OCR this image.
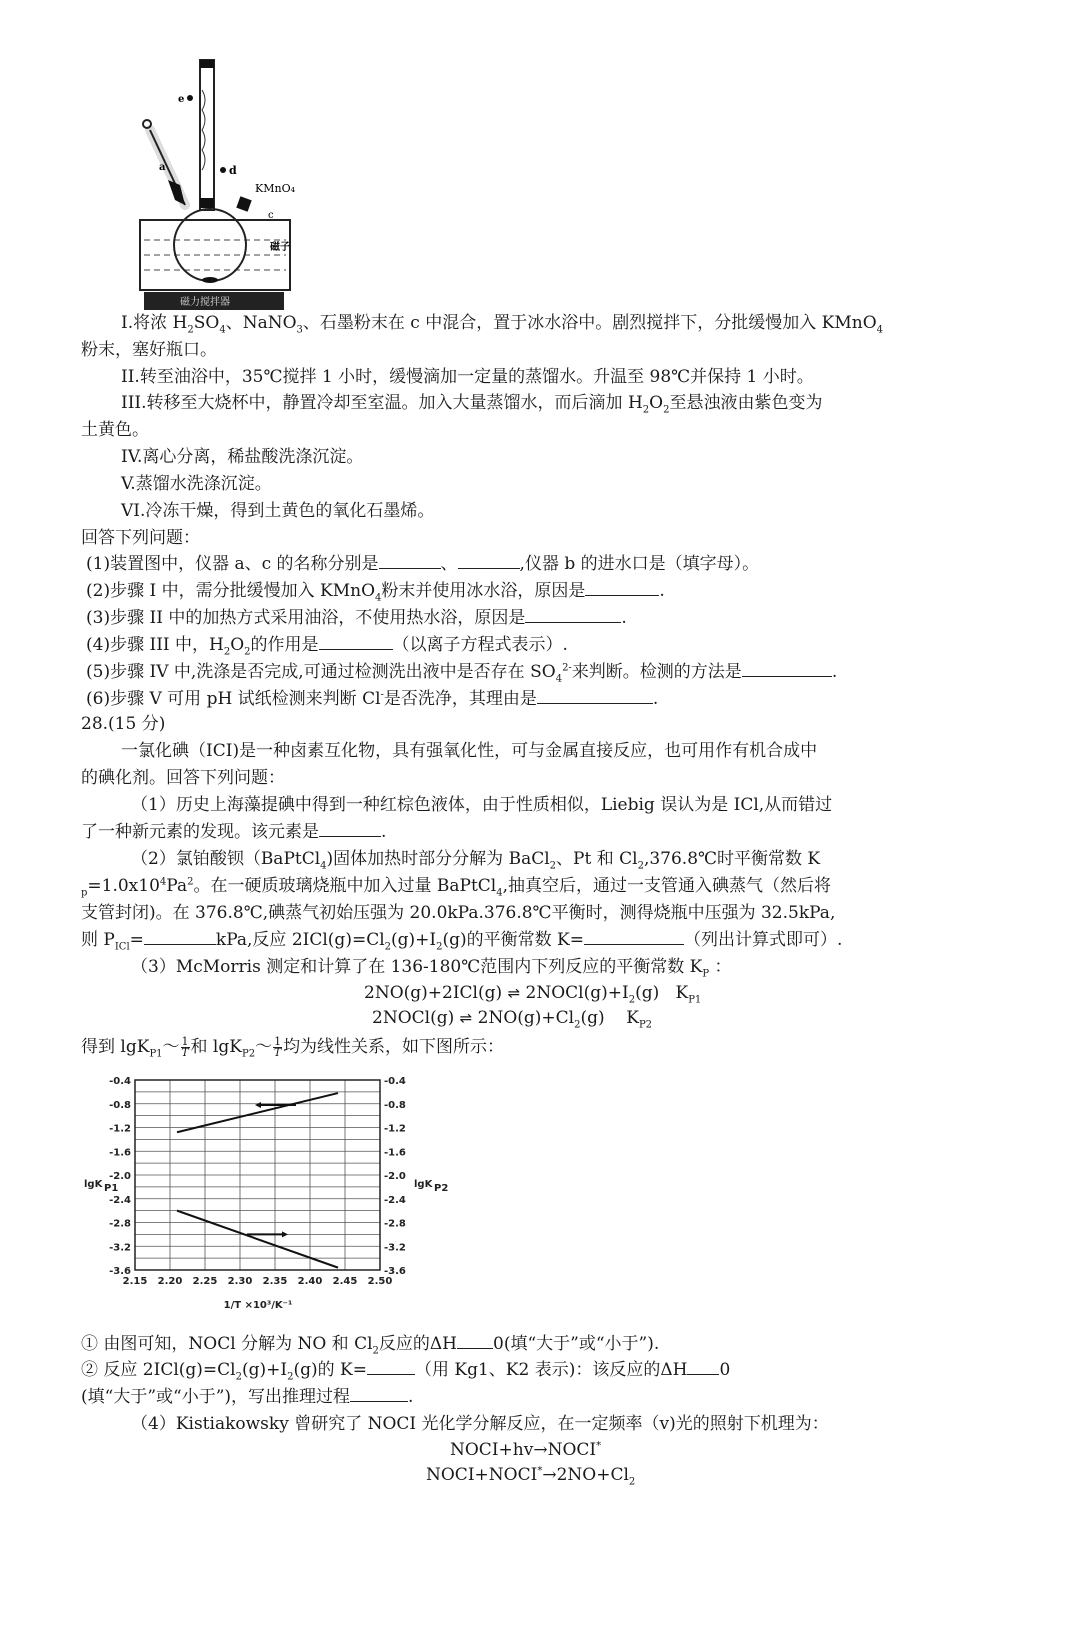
e
d
a
KMnO₄
c
磁子
磁力搅拌器
I.将浓 $H_2SO_4$、NaNO$_3$、石墨粉末在 c 中混合，置于冰水浴中。剧烈搅拌下，分批缓慢加入 KMnO$_4$
粉末，塞好瓶口。
II.转至油浴中，35℃搅拌 1 小时，缓慢滴加一定量的蒸馏水。升温至 98℃并保持 1 小时。
III.转移至大烧杯中，静置冷却至室温。加入大量蒸馏水，而后滴加 $H_2O_2$至悬浊液由紫色变为
土黄色。
IV.离心分离，稀盐酸洗涤沉淀。
V.蒸馏水洗涤沉淀。
VI.冷冻干燥，得到土黄色的氧化石墨烯。
回答下列问题：
(1)装置图中，仪器 a、c 的名称分别是	、	,仪器 b 的进水口是（填字母）。
(2)步骤 I 中，需分批缓慢加入 KMnO$_4$粉末并使用冰水浴，原因是	.
(3)步骤 II 中的加热方式采用油浴，不使用热水浴，原因是	.
(4)步骤 III 中，$H_2O_2$的作用是	（以离子方程式表示）.
(5)步骤 IV 中,洗涤是否完成,可通过检测洗出液中是否存在 $SO_4^{2-}$来判断。检测的方法是	.
(6)步骤 V 可用 pH 试纸检测来判断 Cl-是否洗净，其理由是	.
28.(15 分)
一氯化碘（ICI)是一种卤素互化物，具有强氧化性，可与金属直接反应，也可用作有机合成中
的碘化剂。回答下列问题：
（1）历史上海藻提碘中得到一种红棕色液体，由于性质相似，Liebig 误认为是 ICl,从而错过
了一种新元素的发现。该元素是	.
（2）氯铂酸钡（BaPtCl$_4$)固体加热时部分分解为 BaCl$_2$、Pt 和 $Cl_2,376.8℃$时平衡常数 K
$_p=1.0x10^4Pa^2$。在一硬质玻璃烧瓶中加入过量 BaPtCl$_4$,抽真空后，通过一支管通入碘蒸气（然后将
支管封闭)。在 376.8℃,碘蒸气初始压强为 20.0kPa.376.8℃平衡时，测得烧瓶中压强为 32.5kPa,
则 $P_{ICl}=$	kPa,反应 $2ICl(g)=Cl_2(g)+I_2(g)$的平衡常数 K=	（列出计算式即可）.
（3）McMorris 测定和计算了在 136-180℃范围内下列反应的平衡常数 $K_P$ ：
2NO(g)+2ICl(g) ⇌ $2NOCl(g)+I_2(g)$ $K_{P1}$
2NOCl(g) ⇌ $2NO(g)+Cl_2(g)$ $K_{P2}$
得到 lgK$_{P1}$～ $\frac{1}{T}$ 和 lgK$_{P2}$～ $\frac{1}{T}$ 均为线性关系，如下图所示：
2.15 2.20 2.25 2.30 2.35 2.40 2.45 2.50
-0.4	-0.4
-0.8	-0.8
-1.2	-1.2
-1.6	-1.6
-2.0	-2.0
-2.4	-2.4
-2.8	-2.8
-3.2	-3.2
-3.6	-3.6
lgK P1	lgK P2
1/T ×10³/K⁻¹
① 由图可知，NOCl 分解为 NO 和 $Cl_2$反应的ΔH 0(填“大于”或“小于”).
② 反应 $2ICl(g)=Cl_2(g)+I_2(g)$的 K=	（用 Kg1、K2 表示)：该反应的ΔH 0
(填“大于”或“小于”)，写出推理过程	.
（4）Kistiakowsky 曾研究了 NOCI 光化学分解反应，在一定频率（v)光的照射下机理为：
NOCI+hv→NOCI*
$NOCI+NOCI^*\to 2NO+Cl_2$
